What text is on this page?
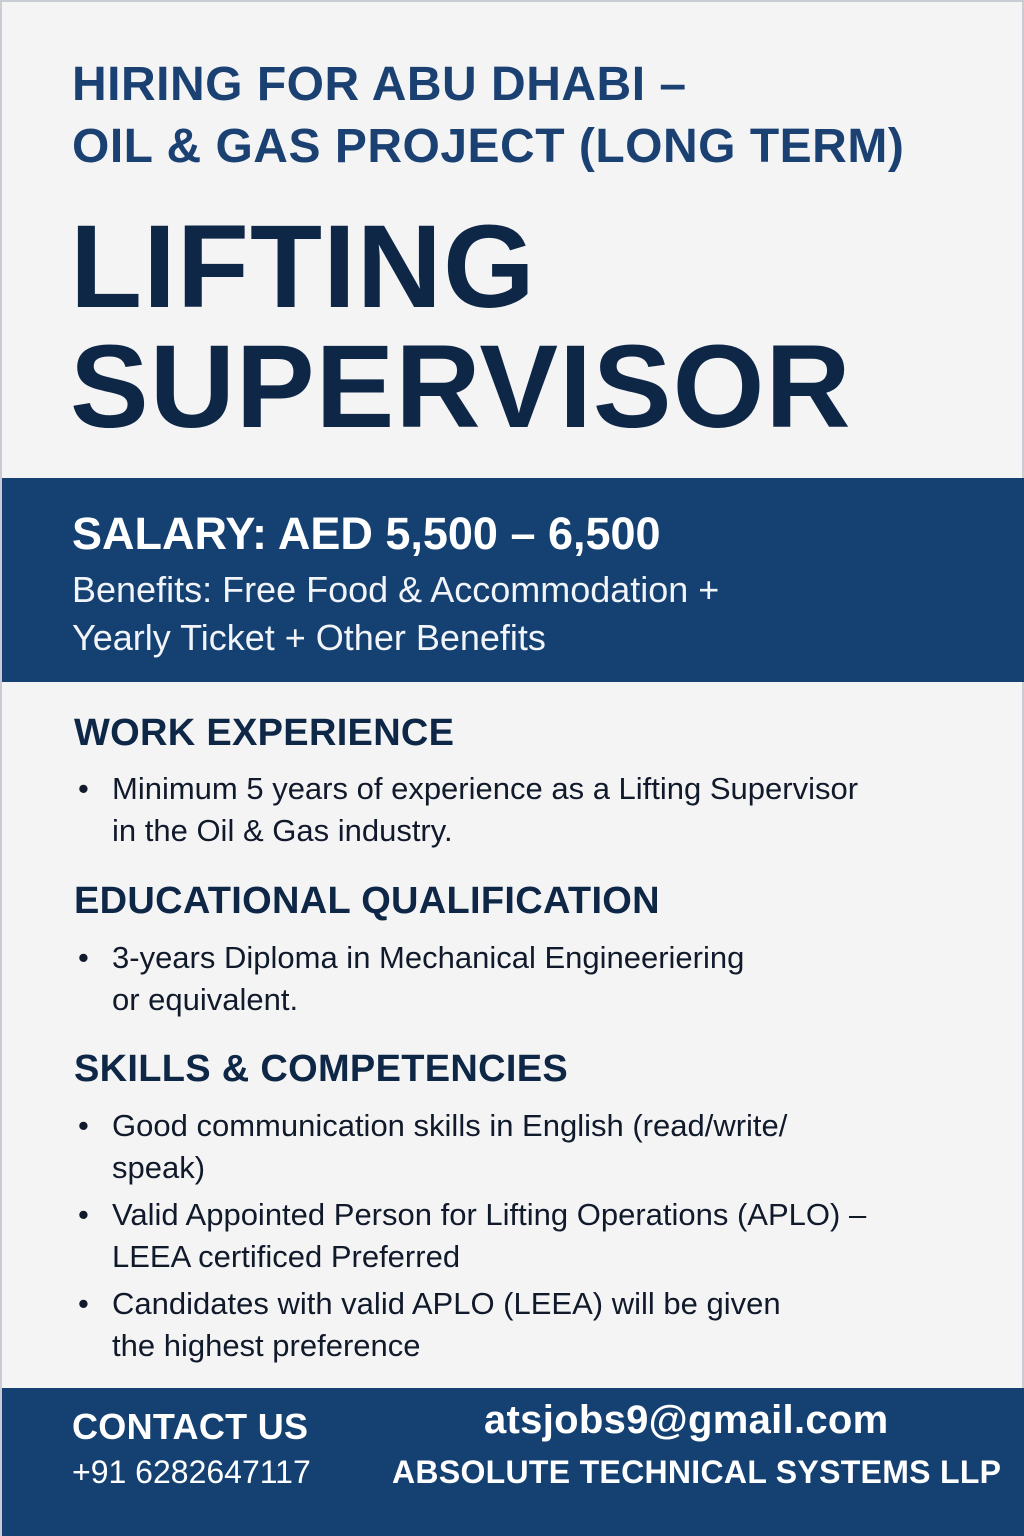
HIRING FOR ABU DHABI –
OIL & GAS PROJECT (LONG TERM)
LIFTING
SUPERVISOR
SALARY: AED 5,500 – 6,500
Benefits: Free Food & Accommodation +
Yearly Ticket + Other Benefits
WORK EXPERIENCE
• Minimum 5 years of experience as a Lifting Supervisor
in the Oil & Gas industry.
EDUCATIONAL QUALIFICATION
• 3-years Diploma in Mechanical Engineeriering
or equivalent.
SKILLS & COMPETENCIES
• Good communication skills in English (read/write/
speak)
• Valid Appointed Person for Lifting Operations (APLO) –
LEEA certificed Preferred
• Candidates with valid APLO (LEEA) will be given
the highest preference
CONTACT US
+91 6282647117
atsjobs9@gmail.com
ABSOLUTE TECHNICAL SYSTEMS LLP
